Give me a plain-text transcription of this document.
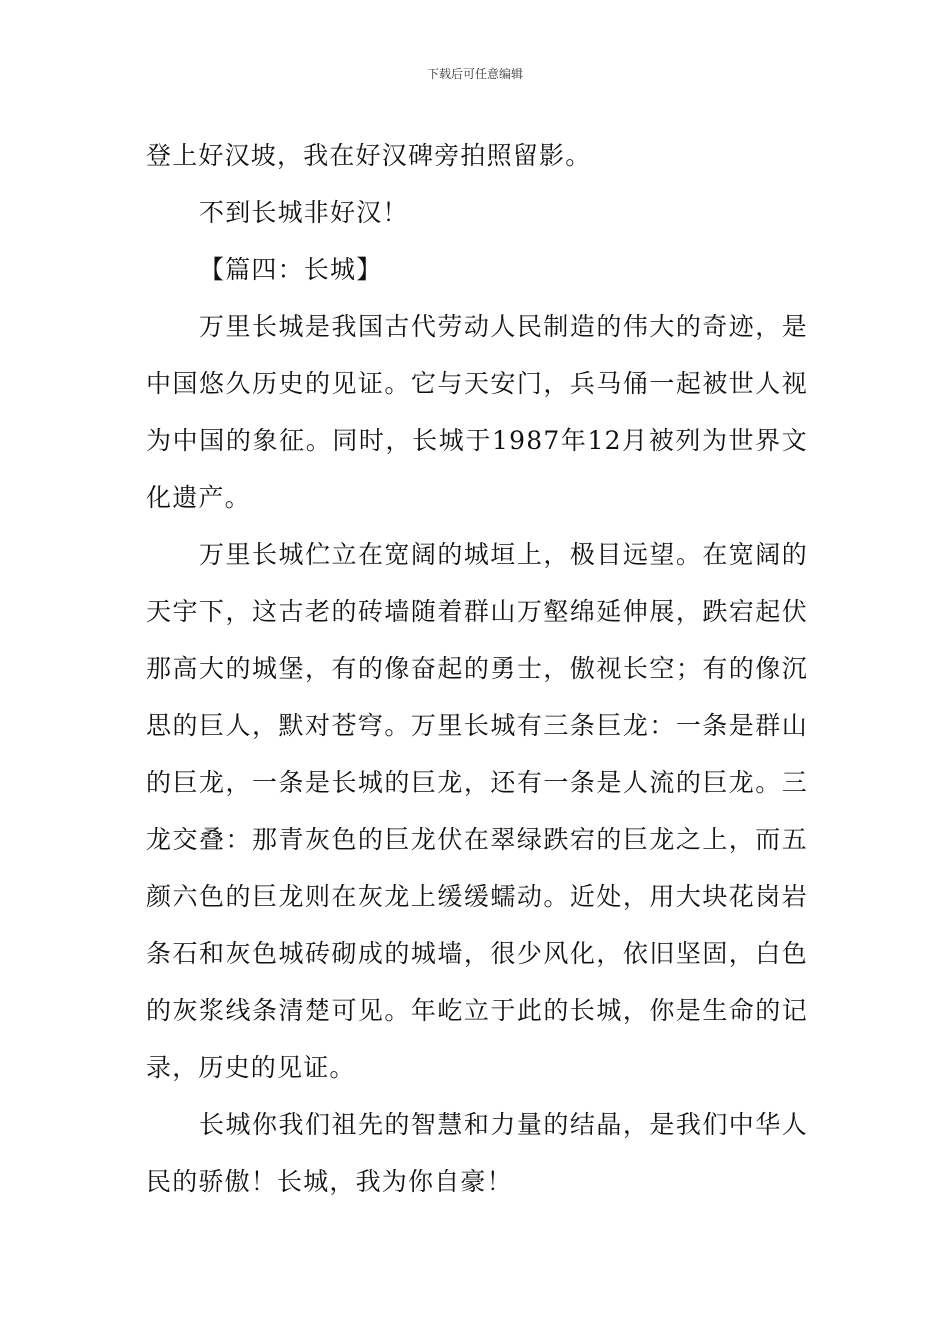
下载后可任意编辑

登上好汉坡，我在好汉碑旁拍照留影。

不到长城非好汉！

【篇四：长城】

万里长城是我国古代劳动人民制造的伟大的奇迹，是中国悠久历史的见证。它与天安门，兵马俑一起被世人视为中国的象征。同时，长城于1987年12月被列为世界文化遗产。

万里长城伫立在宽阔的城垣上，极目远望。在宽阔的天宇下，这古老的砖墙随着群山万壑绵延伸展，跌宕起伏那高大的城堡，有的像奋起的勇士，傲视长空；有的像沉思的巨人，默对苍穹。万里长城有三条巨龙：一条是群山的巨龙，一条是长城的巨龙，还有一条是人流的巨龙。三龙交叠：那青灰色的巨龙伏在翠绿跌宕的巨龙之上，而五颜六色的巨龙则在灰龙上缓缓蠕动。近处，用大块花岗岩条石和灰色城砖砌成的城墙，很少风化，依旧坚固，白色的灰浆线条清楚可见。年屹立于此的长城，你是生命的记录，历史的见证。

长城你我们祖先的智慧和力量的结晶，是我们中华人民的骄傲！长城，我为你自豪！
